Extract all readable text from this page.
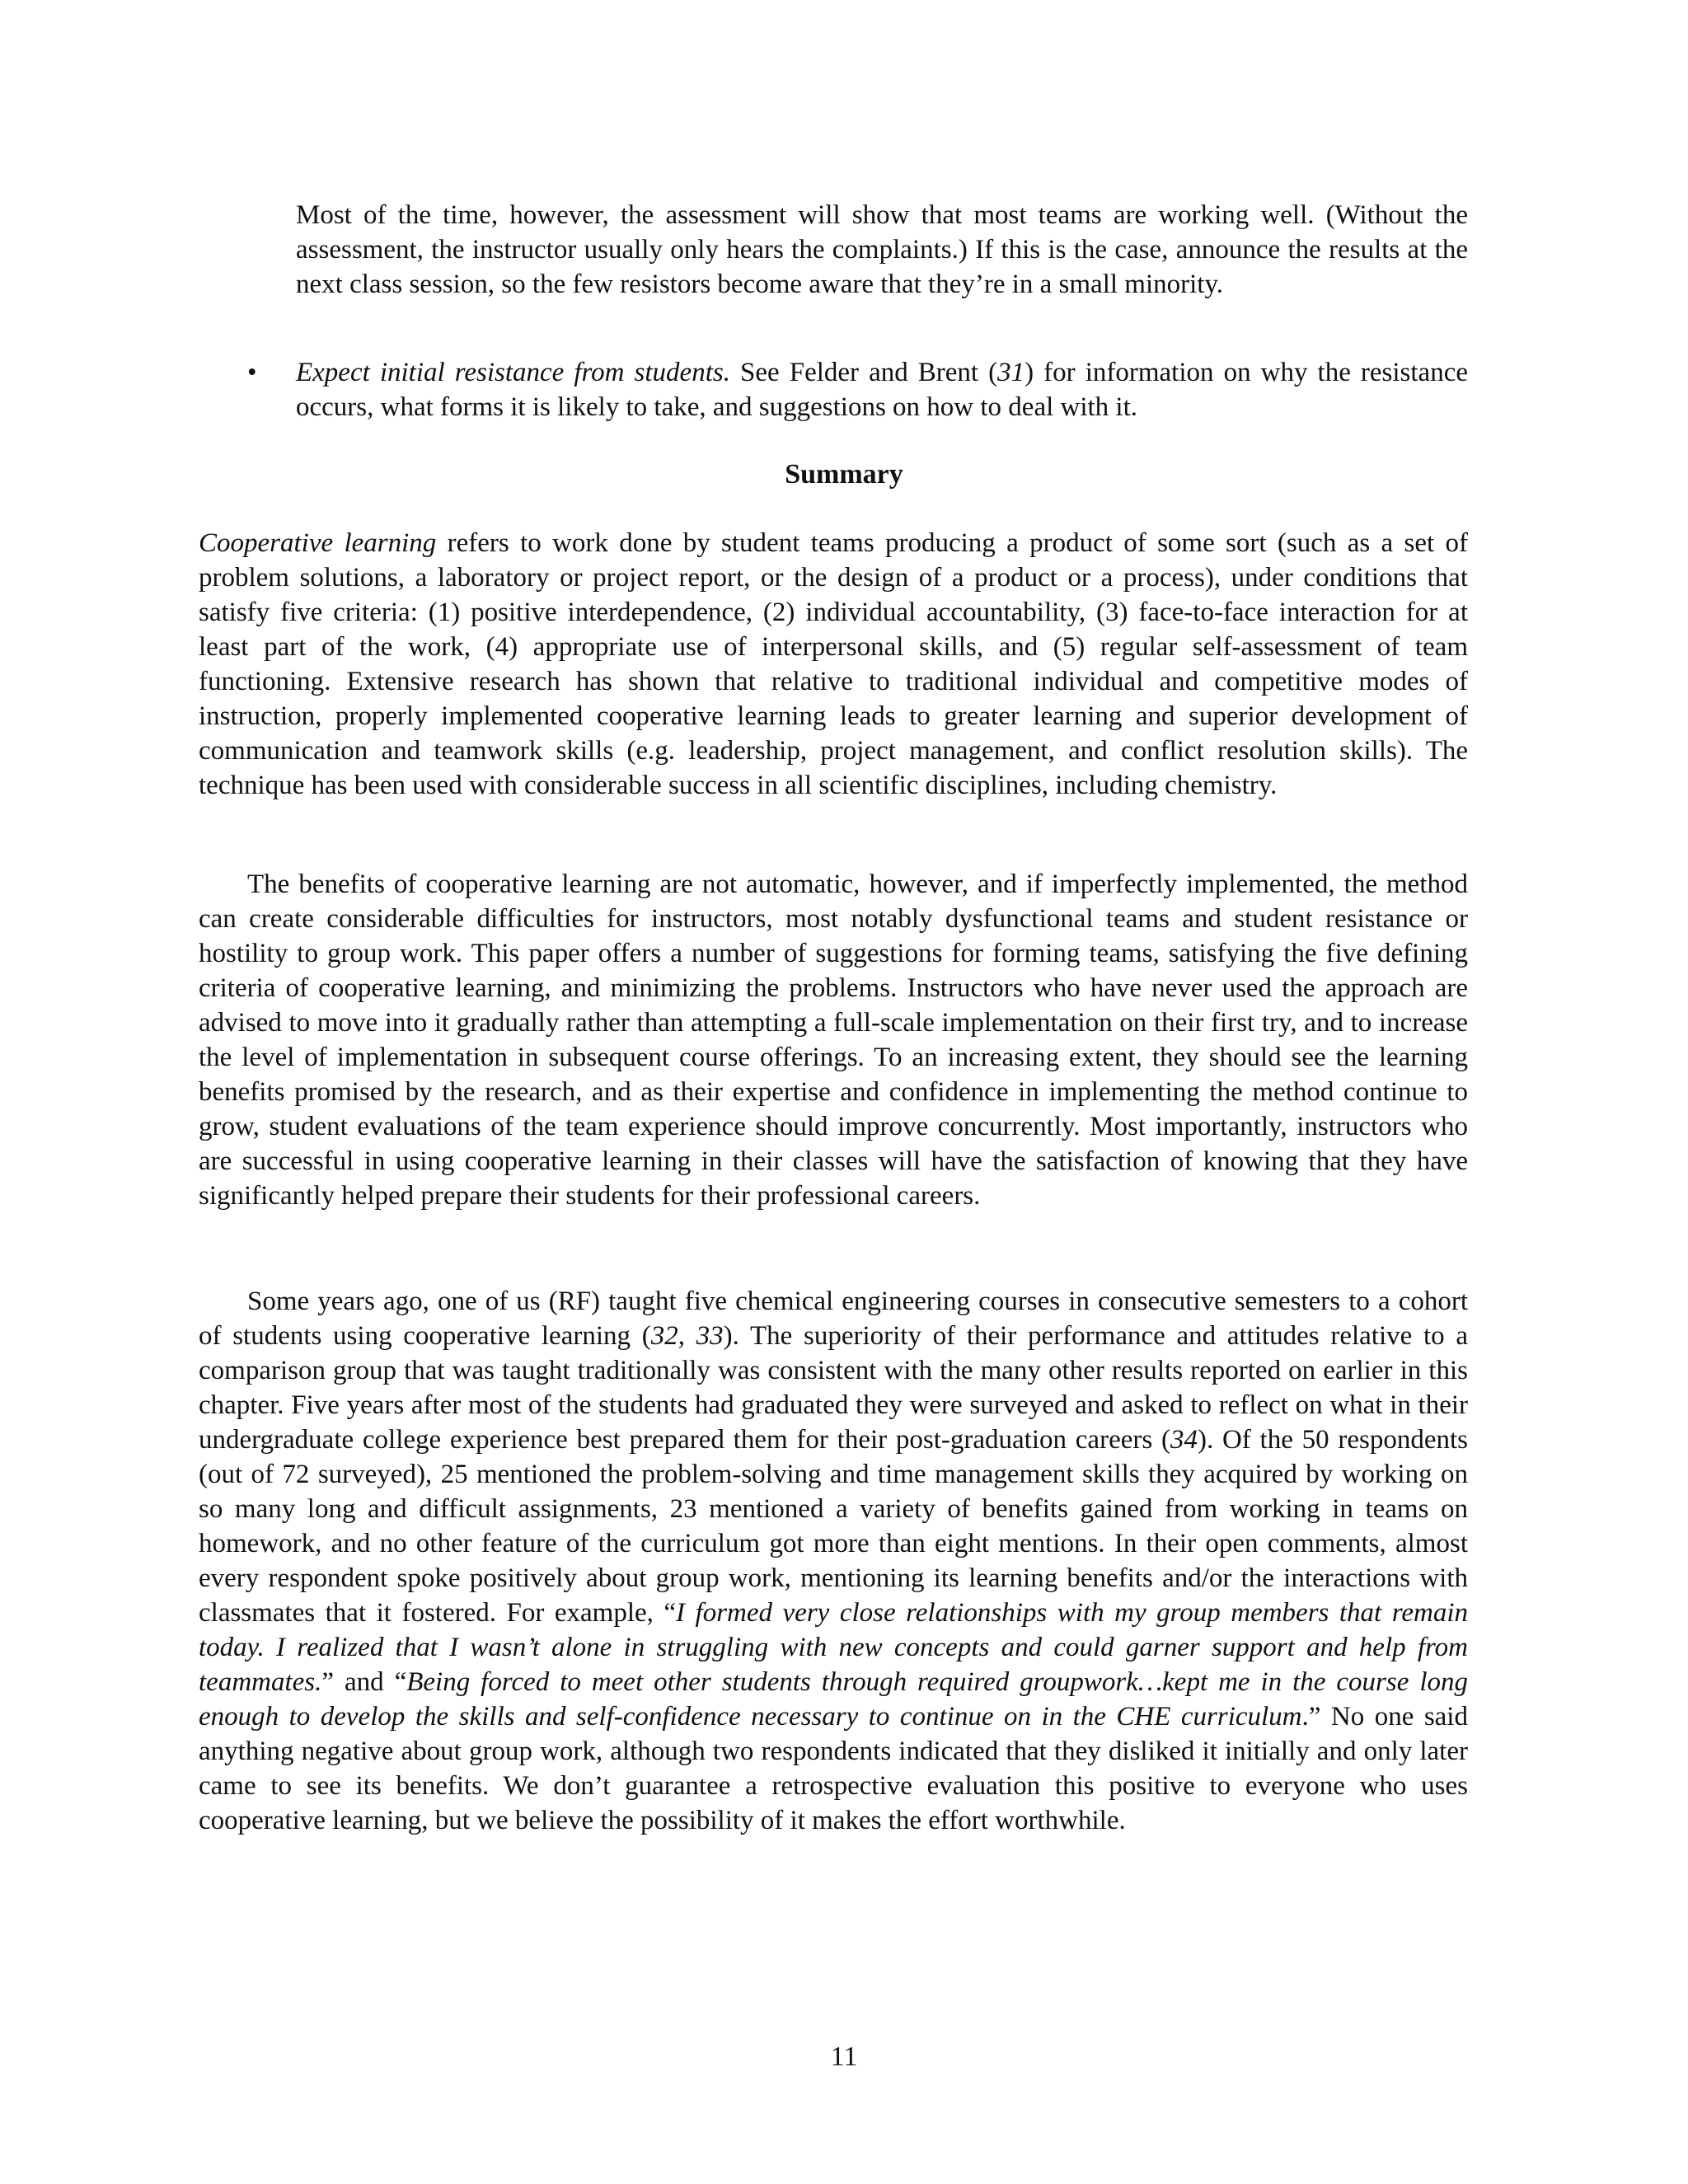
Most of the time, however, the assessment will show that most teams are working well. (Without the assessment, the instructor usually only hears the complaints.) If this is the case, announce the results at the next class session, so the few resistors become aware that they’re in a small minority.

• Expect initial resistance from students. See Felder and Brent (31) for information on why the resistance occurs, what forms it is likely to take, and suggestions on how to deal with it.

Summary

Cooperative learning refers to work done by student teams producing a product of some sort (such as a set of problem solutions, a laboratory or project report, or the design of a product or a process), under conditions that satisfy five criteria: (1) positive interdependence, (2) individual accountability, (3) face-to-face interaction for at least part of the work, (4) appropriate use of interpersonal skills, and (5) regular self-assessment of team functioning. Extensive research has shown that relative to traditional individual and competitive modes of instruction, properly implemented cooperative learning leads to greater learning and superior development of communication and teamwork skills (e.g. leadership, project management, and conflict resolution skills). The technique has been used with considerable success in all scientific disciplines, including chemistry.

The benefits of cooperative learning are not automatic, however, and if imperfectly implemented, the method can create considerable difficulties for instructors, most notably dysfunctional teams and student resistance or hostility to group work. This paper offers a number of suggestions for forming teams, satisfying the five defining criteria of cooperative learning, and minimizing the problems. Instructors who have never used the approach are advised to move into it gradually rather than attempting a full-scale implementation on their first try, and to increase the level of implementation in subsequent course offerings. To an increasing extent, they should see the learning benefits promised by the research, and as their expertise and confidence in implementing the method continue to grow, student evaluations of the team experience should improve concurrently. Most importantly, instructors who are successful in using cooperative learning in their classes will have the satisfaction of knowing that they have significantly helped prepare their students for their professional careers.

Some years ago, one of us (RF) taught five chemical engineering courses in consecutive semesters to a cohort of students using cooperative learning (32, 33). The superiority of their performance and attitudes relative to a comparison group that was taught traditionally was consistent with the many other results reported on earlier in this chapter. Five years after most of the students had graduated they were surveyed and asked to reflect on what in their undergraduate college experience best prepared them for their post-graduation careers (34). Of the 50 respondents (out of 72 surveyed), 25 mentioned the problem-solving and time management skills they acquired by working on so many long and difficult assignments, 23 mentioned a variety of benefits gained from working in teams on homework, and no other feature of the curriculum got more than eight mentions. In their open comments, almost every respondent spoke positively about group work, mentioning its learning benefits and/or the interactions with classmates that it fostered. For example, “I formed very close relationships with my group members that remain today. I realized that I wasn’t alone in struggling with new concepts and could garner support and help from teammates.” and “Being forced to meet other students through required groupwork…kept me in the course long enough to develop the skills and self-confidence necessary to continue on in the CHE curriculum.” No one said anything negative about group work, although two respondents indicated that they disliked it initially and only later came to see its benefits. We don’t guarantee a retrospective evaluation this positive to everyone who uses cooperative learning, but we believe the possibility of it makes the effort worthwhile.

11
